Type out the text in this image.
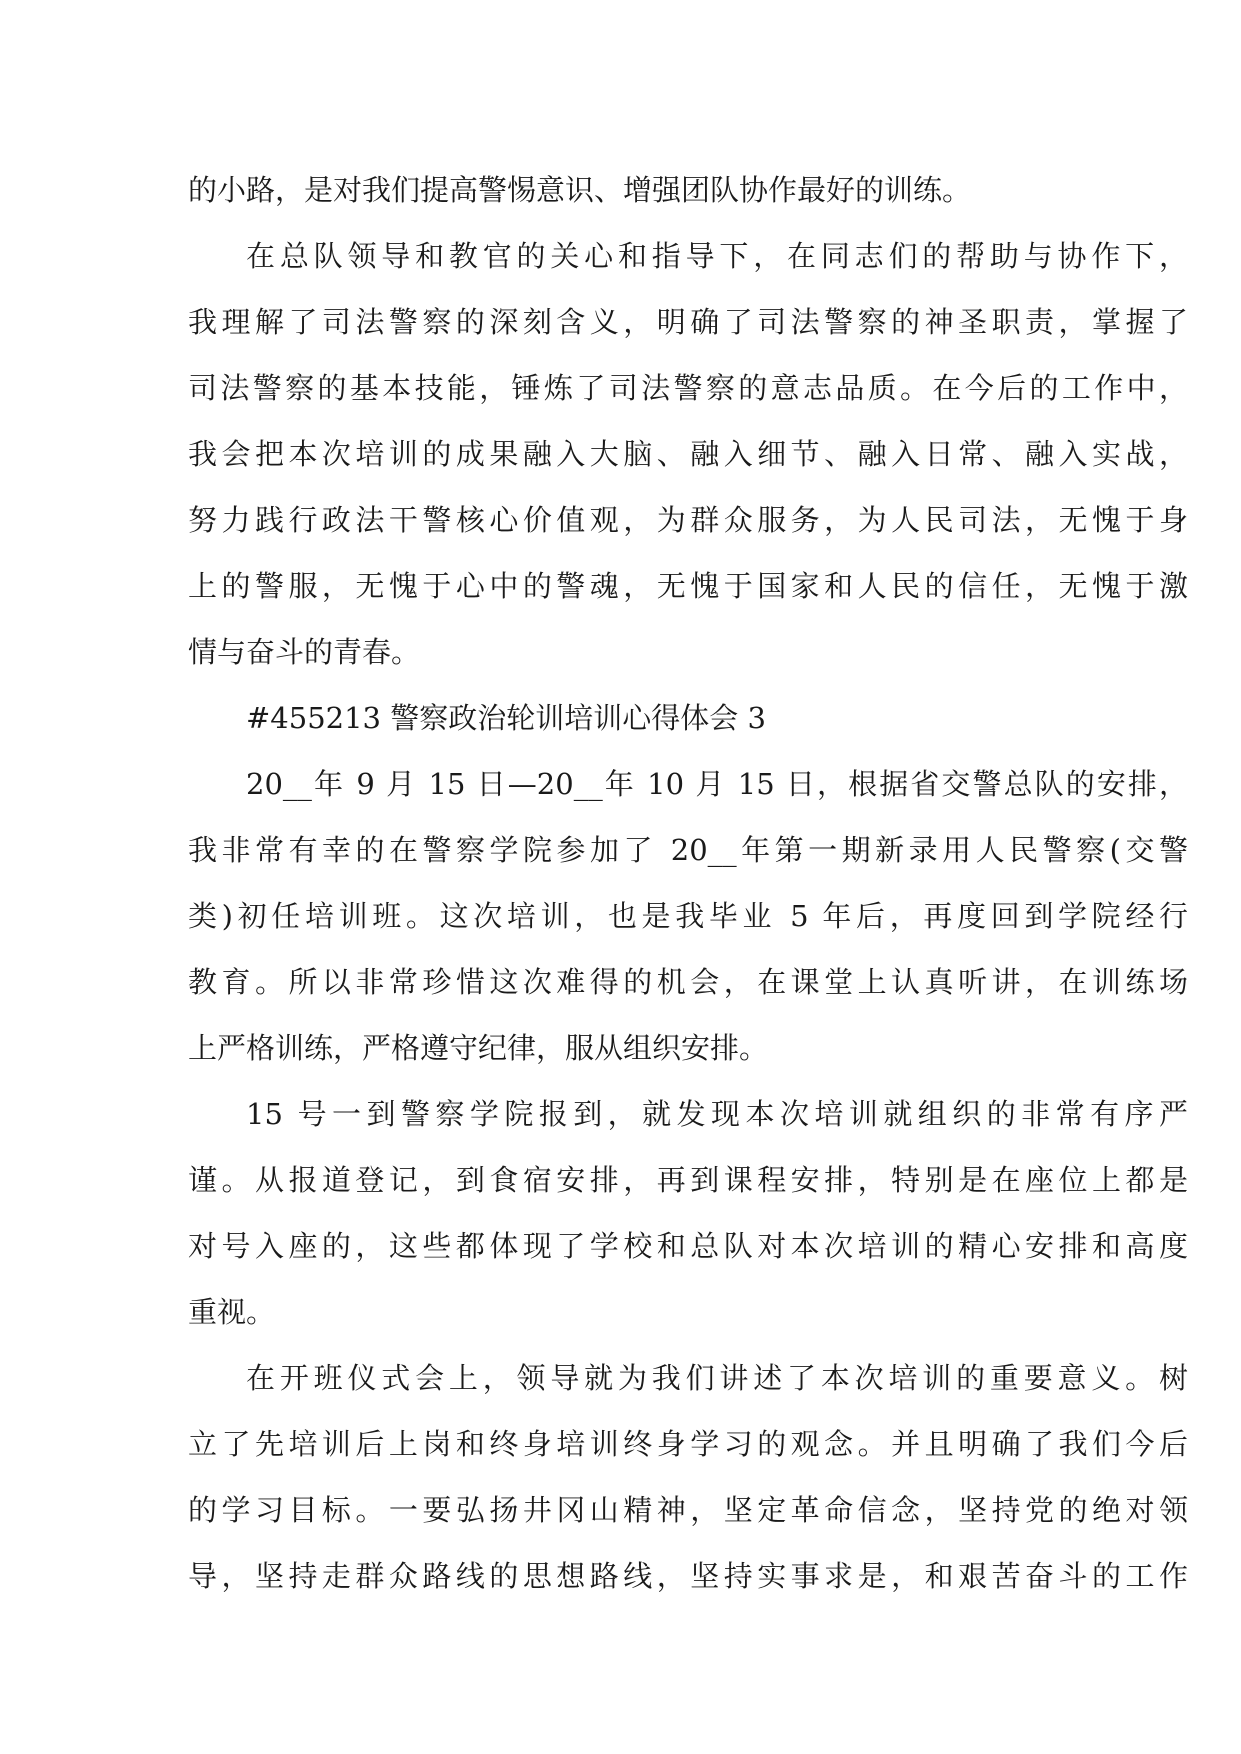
的小路，是对我们提高警惕意识、增强团队协作最好的训练。
在总队领导和教官的关心和指导下，在同志们的帮助与协作下，
我理解了司法警察的深刻含义，明确了司法警察的神圣职责，掌握了
司法警察的基本技能，锤炼了司法警察的意志品质。在今后的工作中，
我会把本次培训的成果融入大脑、融入细节、融入日常、融入实战，
努力践行政法干警核心价值观，为群众服务，为人民司法，无愧于身
上的警服，无愧于心中的警魂，无愧于国家和人民的信任，无愧于激
情与奋斗的青春。
#455213 警察政治轮训培训心得体会 3
20__年 9 月 15 日—20__年 10 月 15 日，根据省交警总队的安排，
我非常有幸的在警察学院参加了 20__年第一期新录用人民警察(交警
类)初任培训班。这次培训，也是我毕业 5 年后，再度回到学院经行
教育。所以非常珍惜这次难得的机会，在课堂上认真听讲，在训练场
上严格训练，严格遵守纪律，服从组织安排。
15 号一到警察学院报到，就发现本次培训就组织的非常有序严
谨。从报道登记，到食宿安排，再到课程安排，特别是在座位上都是
对号入座的，这些都体现了学校和总队对本次培训的精心安排和高度
重视。
在开班仪式会上，领导就为我们讲述了本次培训的重要意义。树
立了先培训后上岗和终身培训终身学习的观念。并且明确了我们今后
的学习目标。一要弘扬井冈山精神，坚定革命信念，坚持党的绝对领
导，坚持走群众路线的思想路线，坚持实事求是，和艰苦奋斗的工作
